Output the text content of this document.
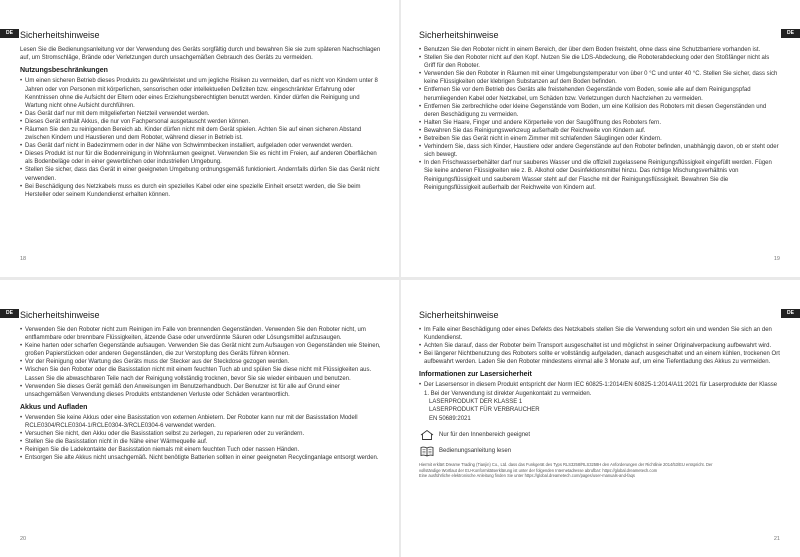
DE Sicherheitshinweise

Lesen Sie die Bedienungsanleitung vor der Verwendung des Geräts sorgfältig durch und bewahren Sie sie zum späteren Nachschlagen auf, um Stromschläge, Brände oder Verletzungen durch unsachgemäßen Gebrauch des Geräts zu vermeiden.

Nutzungsbeschränkungen
• Um einen sicheren Betrieb dieses Produkts zu gewährleistet und um jegliche Risiken zu vermeiden, darf es nicht von Kindern unter 8 Jahren oder von Personen mit körperlichen, sensorischen oder intellektuellen Defiziten bzw. eingeschränkter Erfahrung oder Kenntnissen ohne die Aufsicht der Eltern oder eines Erziehungsberechtigten benutzt werden. Kinder dürfen die Reinigung und Wartung nicht ohne Aufsicht durchführen.
• Das Gerät darf nur mit dem mitgelieferten Netzteil verwendet werden.
• Dieses Gerät enthält Akkus, die nur von Fachpersonal ausgetauscht werden können.
• Räumen Sie den zu reinigenden Bereich ab. Kinder dürfen nicht mit dem Gerät spielen. Achten Sie auf einen sicheren Abstand zwischen Kindern und Haustieren und dem Roboter, während dieser in Betrieb ist.
• Das Gerät darf nicht in Badezimmern oder in der Nähe von Schwimmbecken installiert, aufgeladen oder verwendet werden.
• Dieses Produkt ist nur für die Bodenreinigung in Wohnräumen geeignet. Verwenden Sie es nicht im Freien, auf anderen Oberflächen als Bodenbeläge oder in einer gewerblichen oder industriellen Umgebung.
• Stellen Sie sicher, dass das Gerät in einer geeigneten Umgebung ordnungsgemäß funktioniert. Andernfalls dürfen Sie das Gerät nicht verwenden.
• Bei Beschädigung des Netzkabels muss es durch ein spezielles Kabel oder eine spezielle Einheit ersetzt werden, die Sie beim Hersteller oder seinem Kundendienst erhalten können.
18
DE
Sicherheitshinweise
• Benutzen Sie den Roboter nicht in einem Bereich, der über dem Boden freisteht, ohne dass eine Schutzbarriere vorhanden ist.
• Stellen Sie den Roboter nicht auf den Kopf. Nutzen Sie die LDS-Abdeckung, die Roboterabdeckung oder den Stoßfänger nicht als Griff für den Roboter.
• Verwenden Sie den Roboter in Räumen mit einer Umgebungstemperatur von über 0 °C und unter 40 °C. Stellen Sie sicher, dass sich keine Flüssigkeiten oder klebrigen Substanzen auf dem Boden befinden.
• Entfernen Sie vor dem Betrieb des Geräts alle freistehenden Gegenstände vom Boden, sowie alle auf dem Reinigungspfad herumliegenden Kabel oder Netzkabel, um Schäden bzw. Verletzungen durch Nachziehen zu vermeiden.
• Entfernen Sie zerbrechliche oder kleine Gegenstände vom Boden, um eine Kollision des Roboters mit diesen Gegenständen und deren Beschädigung zu vermeiden.
• Halten Sie Haare, Finger und andere Körperteile von der Saugöffnung des Roboters fern.
• Bewahren Sie das Reinigungswerkzeug außerhalb der Reichweite von Kindern auf.
• Betreiben Sie das Gerät nicht in einem Zimmer mit schlafenden Säuglingen oder Kindern.
• Verhindern Sie, dass sich Kinder, Haustiere oder andere Gegenstände auf den Roboter befinden, unabhängig davon, ob er steht oder sich bewegt.
• In den Frischwasserbehälter darf nur sauberes Wasser und die offiziell zugelassene Reinigungsflüssigkeit eingefüllt werden. Fügen Sie keine anderen Flüssigkeiten wie z. B. Alkohol oder Desinfektionsmittel hinzu. Das richtige Mischungsverhältnis von Reinigungsflüssigkeit und sauberem Wasser steht auf der Flasche mit der Reinigungsflüssigkeit. Bewahren Sie die Reinigungsflüssigkeit außerhalb der Reichweite von Kindern auf.
19
DE Sicherheitshinweise
• Verwenden Sie den Roboter nicht zum Reinigen im Falle von brennenden Gegenständen. Verwenden Sie den Roboter nicht, um entflammbare oder brennbare Flüssigkeiten, ätzende Gase oder unverdünnte Säuren oder Lösungsmittel aufzusaugen.
• Keine harten oder scharfen Gegenstände aufsaugen. Verwenden Sie das Gerät nicht zum Aufsaugen von Gegenständen wie Steinen, großen Papierstücken oder anderen Gegenständen, die zur Verstopfung des Geräts führen können.
• Vor der Reinigung oder Wartung des Geräts muss der Stecker aus der Steckdose gezogen werden.
• Wischen Sie den Roboter oder die Basisstation nicht mit einem feuchten Tuch ab und spülen Sie diese nicht mit Flüssigkeiten aus. Lassen Sie die abwaschbaren Teile nach der Reinigung vollständig trocknen, bevor Sie sie wieder einbauen und benutzen.
• Verwenden Sie dieses Gerät gemäß den Anweisungen im Benutzerhandbuch. Der Benutzer ist für alle auf Grund einer unsachgemäßen Verwendung dieses Produkts entstandenen Verluste oder Schäden verantwortlich.
Akkus und Aufladen
• Verwenden Sie keine Akkus oder eine Basisstation von externen Anbietern. Der Roboter kann nur mit der Basisstation Modell RCLE0304/RCLE0304-1/RCLE0304-3/RCLE0304-6 verwendet werden.
• Versuchen Sie nicht, den Akku oder die Basisstation selbst zu zerlegen, zu reparieren oder zu verändern.
• Stellen Sie die Basisstation nicht in die Nähe einer Wärmequelle auf.
• Reinigen Sie die Ladekontakte der Basisstation niemals mit einem feuchten Tuch oder nassen Händen.
• Entsorgen Sie alte Akkus nicht unsachgemäß. Nicht benötigte Batterien sollten in einer geeigneten Recyclinganlage entsorgt werden.
20
DE
Sicherheitshinweise
• Im Falle einer Beschädigung oder eines Defekts des Netzkabels stellen Sie die Verwendung sofort ein und wenden Sie sich an den Kundendienst.
• Achten Sie darauf, dass der Roboter beim Transport ausgeschaltet ist und möglichst in seiner Originalverpackung aufbewahrt wird.
• Bei längerer Nichtbenutzung des Roboters sollte er vollständig aufgeladen, danach ausgeschaltet und an einem kühlen, trockenen Ort aufbewahrt werden. Laden Sie den Roboter mindestens einmal alle 3 Monate auf, um eine Tiefentladung des Akkus zu vermeiden.
Informationen zur Lasersicherheit
• Der Lasersensor in diesem Produkt entspricht der Norm IEC 60825-1:2014/EN 60825-1:2014/A11:2021 für Laserprodukte der Klasse 1. Bei der Verwendung ist direkter Augenkontakt zu vermeiden.
LASERPRODUKT DER KLASSE 1
LASERPRODUKT FÜR VERBRAUCHER
EN 50689:2021
Nur für den Innenbereich geeignet
Bedienungsanleitung lesen
Hiermit erklärt Dreame Trading (Tianjin) Co., Ltd. dass das Funkgerät des Typs RLS3258/RLS3258H den Anforderungen der Richtlinie 2014/53/EU entspricht. Der
vollständige Wortlaut der EU-Konformitätserklärung ist unter der folgenden Internetadresse abrufbar: https://global.dreametech.com
Eine ausführliche elektronische Anleitung finden Sie unter https://global.dreametech.com/pages/user-manuals-and-faqs
21
